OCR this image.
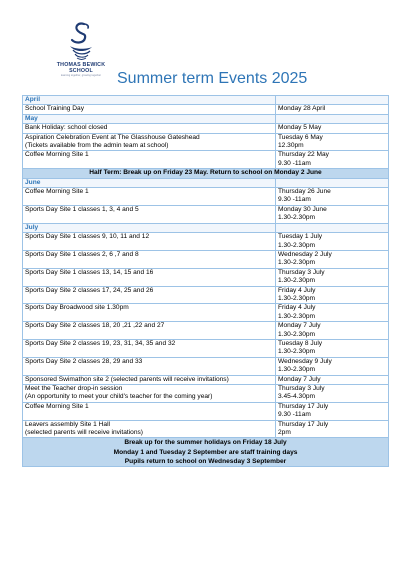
THOMAS BEWICK
SCHOOL
learning together, growing together Summer term Events 2025
April	
School Training Day	Monday 28 April
May	
Bank Holiday: school closed	Monday 5 May
Aspiration Celebration Event at The Glasshouse Gateshead
(Tickets available from the admin team at school)	Tuesday 6 May
12.30pm
Coffee Morning Site 1	Thursday 22 May
9.30 -11am
Half Term: Break up on Friday 23 May. Return to school on Monday 2 June	
June	
Coffee Morning Site 1	Thursday 26 June
9.30 -11am
Sports Day Site 1 classes 1, 3, 4 and 5	Monday 30 June
1.30-2.30pm
July	
Sports Day Site 1 classes 9, 10, 11 and 12	Tuesday 1 July
1.30-2.30pm
Sports Day Site 1 classes 2, 6 ,7 and 8	Wednesday 2 July
1.30-2.30pm
Sports Day Site 1 classes 13, 14, 15 and 16	Thursday 3 July
1.30-2.30pm
Sports Day Site 2 classes 17, 24, 25 and 26	Friday 4 July
1.30-2.30pm
Sports Day Broadwood site 1.30pm	Friday 4 July
1.30-2.30pm
Sports Day Site 2 classes 18, 20 ,21 ,22 and 27	Monday 7 July
1.30-2.30pm
Sports Day Site 2 classes 19, 23, 31, 34, 35 and 32	Tuesday 8 July
1.30-2.30pm
Sports Day Site 2 classes 28, 29 and 33	Wednesday 9 July
1.30-2.30pm
Sponsored Swimathon site 2 (selected parents will receive invitations)	Monday 7 July
Meet the Teacher drop-in session
(An opportunity to meet your child's teacher for the coming year)	Thursday 3 July
3.45-4.30pm
Coffee Morning Site 1	Thursday 17 July
9.30 -11am
Leavers assembly Site 1 Hall
(selected parents will receive invitations)	Thursday 17 July
2pm
Break up for the summer holidays on Friday 18 July
Monday 1 and Tuesday 2 September are staff training days
Pupils return to school on Wednesday 3 September	
